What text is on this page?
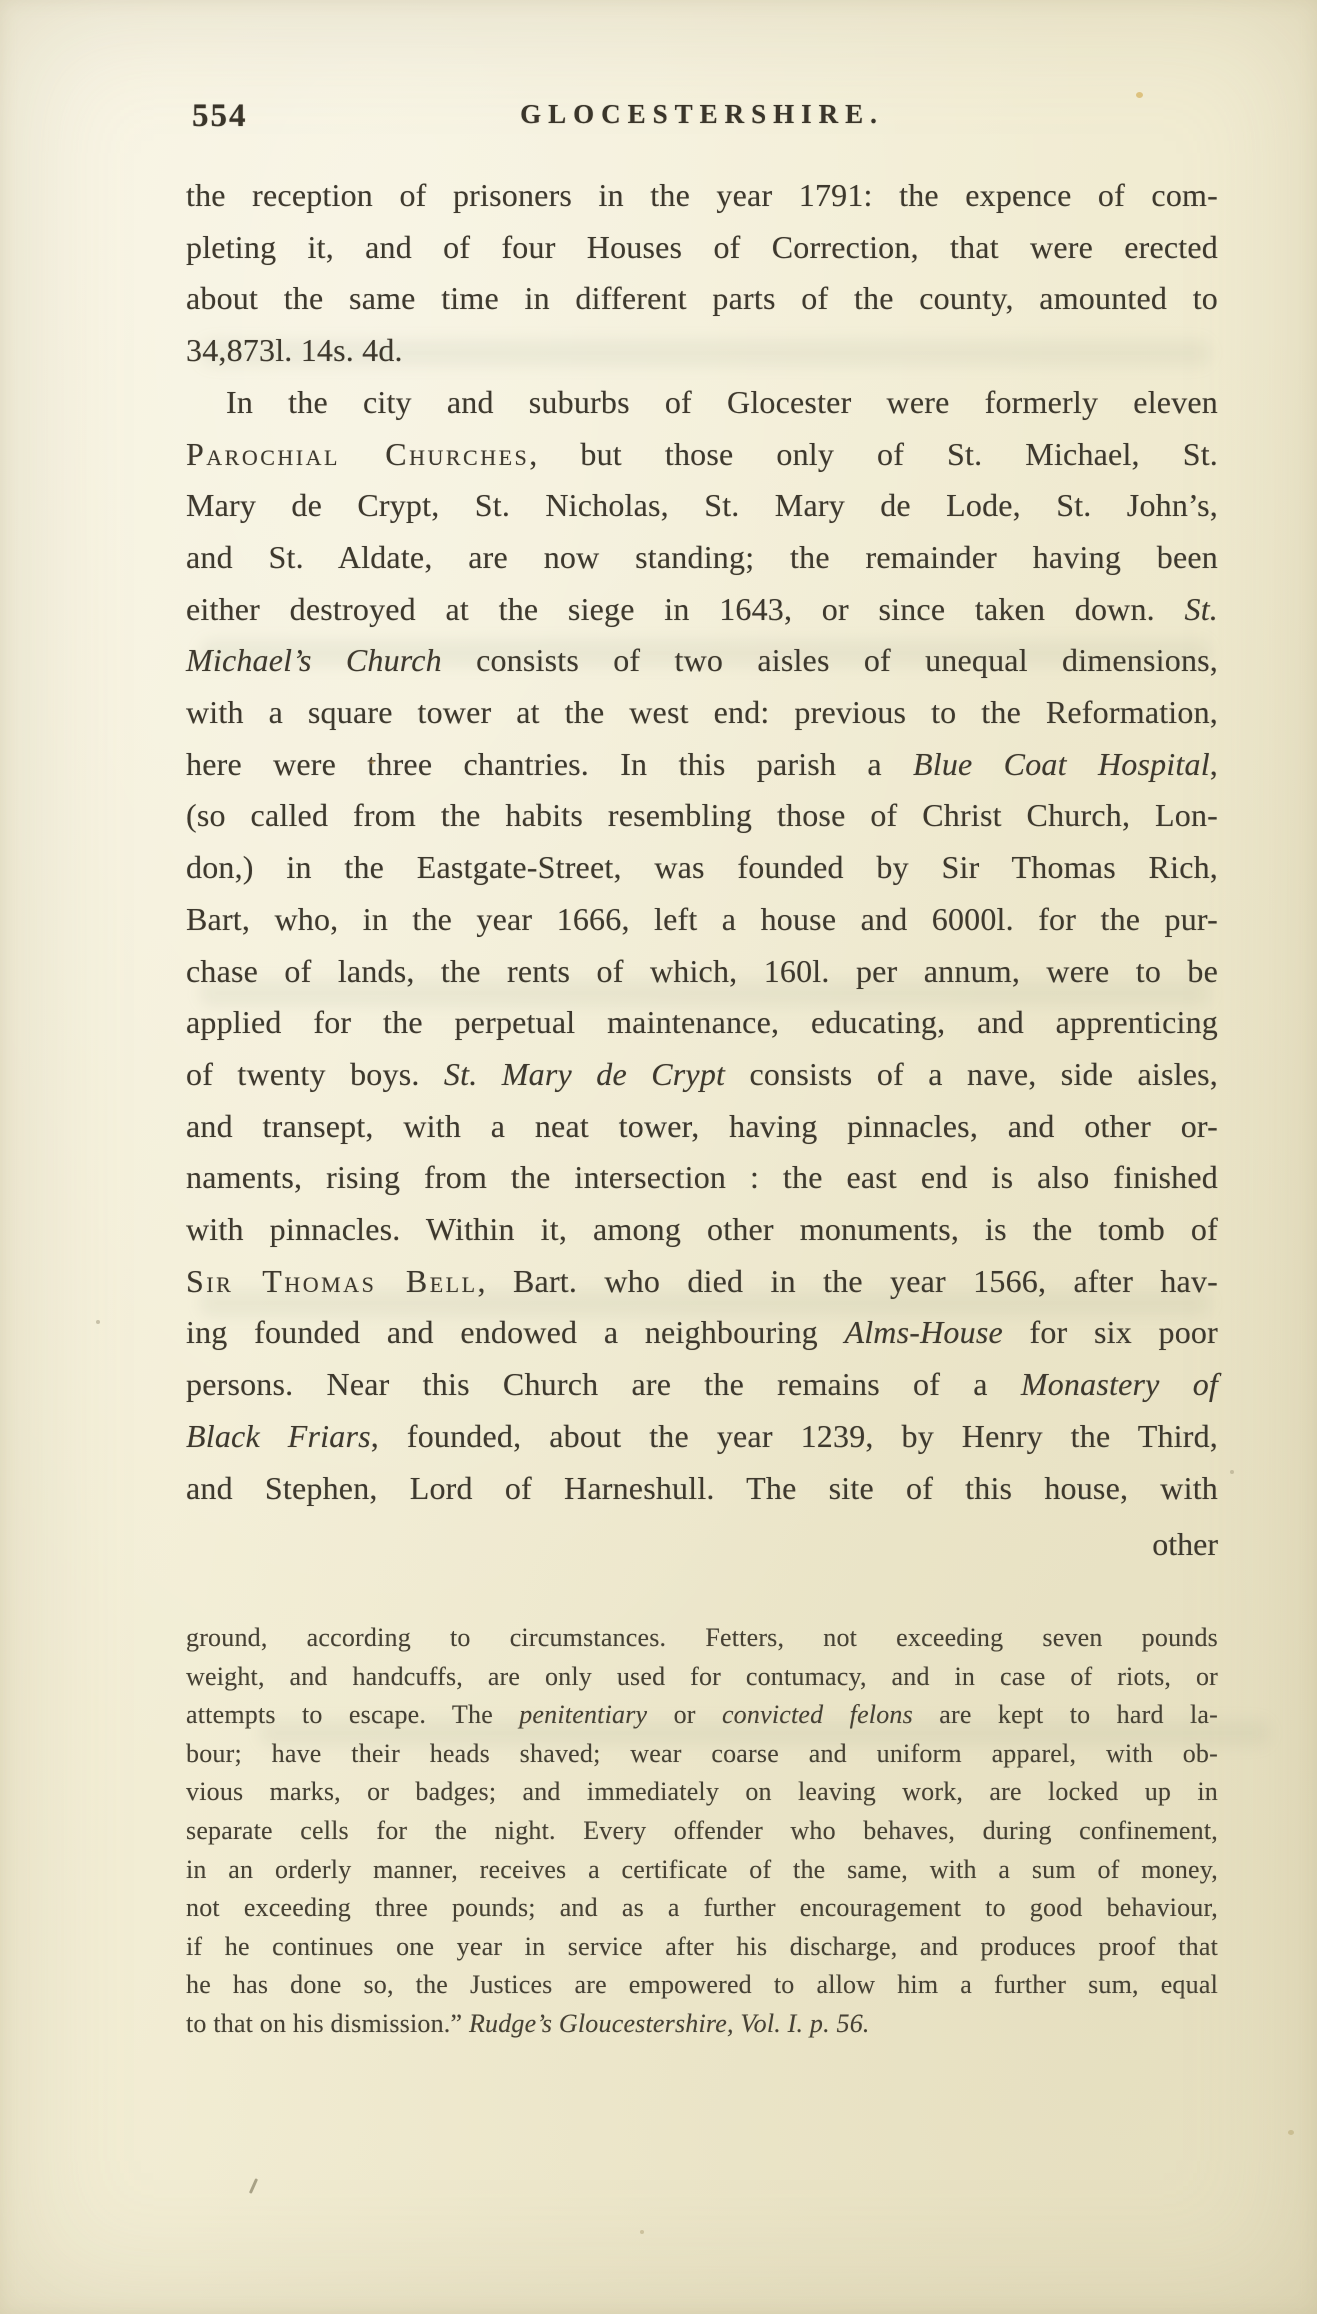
554	GLOCESTERSHIRE.
the reception of prisoners in the year 1791: the expence of com-
pleting it, and of four Houses of Correction, that were erected
about the same time in different parts of the county, amounted to
34,873l. 14s. 4d.
In the city and suburbs of Glocester were formerly eleven
Parochial Churches, but those only of St. Michael, St.
Mary de Crypt, St. Nicholas, St. Mary de Lode, St. John’s,
and St. Aldate, are now standing; the remainder having been
either destroyed at the siege in 1643, or since taken down. St.
Michael’s Church consists of two aisles of unequal dimensions,
with a square tower at the west end: previous to the Reformation,
here were three chantries. In this parish a Blue Coat Hospital,
(so called from the habits resembling those of Christ Church, Lon-
don,) in the Eastgate-Street, was founded by Sir Thomas Rich,
Bart, who, in the year 1666, left a house and 6000l. for the pur-
chase of lands, the rents of which, 160l. per annum, were to be
applied for the perpetual maintenance, educating, and apprenticing
of twenty boys. St. Mary de Crypt consists of a nave, side aisles,
and transept, with a neat tower, having pinnacles, and other or-
naments, rising from the intersection : the east end is also finished
with pinnacles. Within it, among other monuments, is the tomb of
Sir Thomas Bell, Bart. who died in the year 1566, after hav-
ing founded and endowed a neighbouring Alms-House for six poor
persons. Near this Church are the remains of a Monastery of
Black Friars, founded, about the year 1239, by Henry the Third,
and Stephen, Lord of Harneshull. The site of this house, with
other
ground, according to circumstances. Fetters, not exceeding seven pounds
weight, and handcuffs, are only used for contumacy, and in case of riots, or
attempts to escape. The penitentiary or convicted felons are kept to hard la-
bour; have their heads shaved; wear coarse and uniform apparel, with ob-
vious marks, or badges; and immediately on leaving work, are locked up in
separate cells for the night. Every offender who behaves, during confinement,
in an orderly manner, receives a certificate of the same, with a sum of money,
not exceeding three pounds; and as a further encouragement to good behaviour,
if he continues one year in service after his discharge, and produces proof that
he has done so, the Justices are empowered to allow him a further sum, equal
to that on his dismission.” Rudge’s Gloucestershire, Vol. I. p. 56.
